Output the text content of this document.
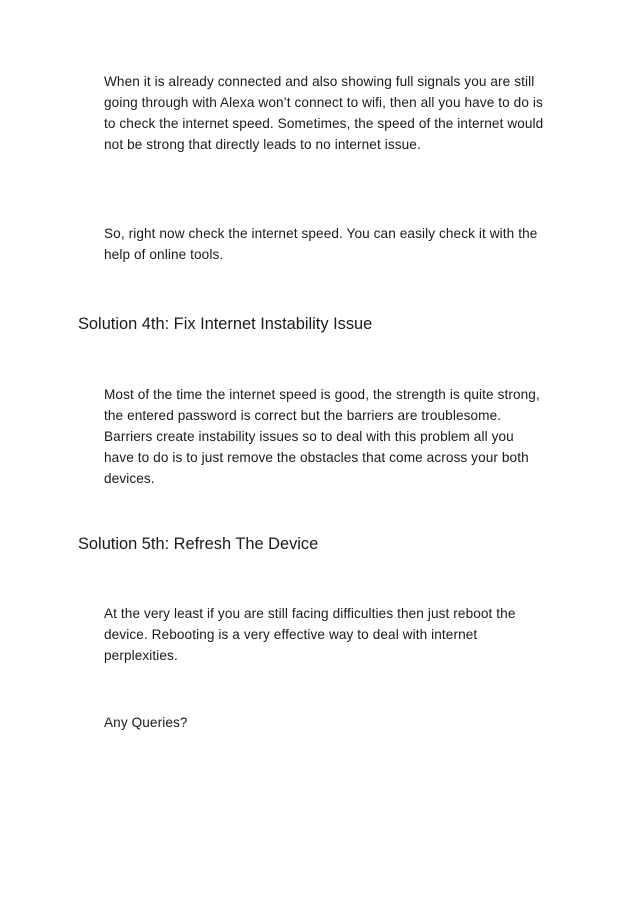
When it is already connected and also showing full signals you are still going through with Alexa won’t connect to wifi, then all you have to do is to check the internet speed. Sometimes, the speed of the internet would not be strong that directly leads to no internet issue.

So, right now check the internet speed. You can easily check it with the help of online tools.

Solution 4th: Fix Internet Instability Issue

Most of the time the internet speed is good, the strength is quite strong, the entered password is correct but the barriers are troublesome. Barriers create instability issues so to deal with this problem all you have to do is to just remove the obstacles that come across your both devices.

Solution 5th: Refresh The Device

At the very least if you are still facing difficulties then just reboot the device. Rebooting is a very effective way to deal with internet perplexities.

Any Queries?
